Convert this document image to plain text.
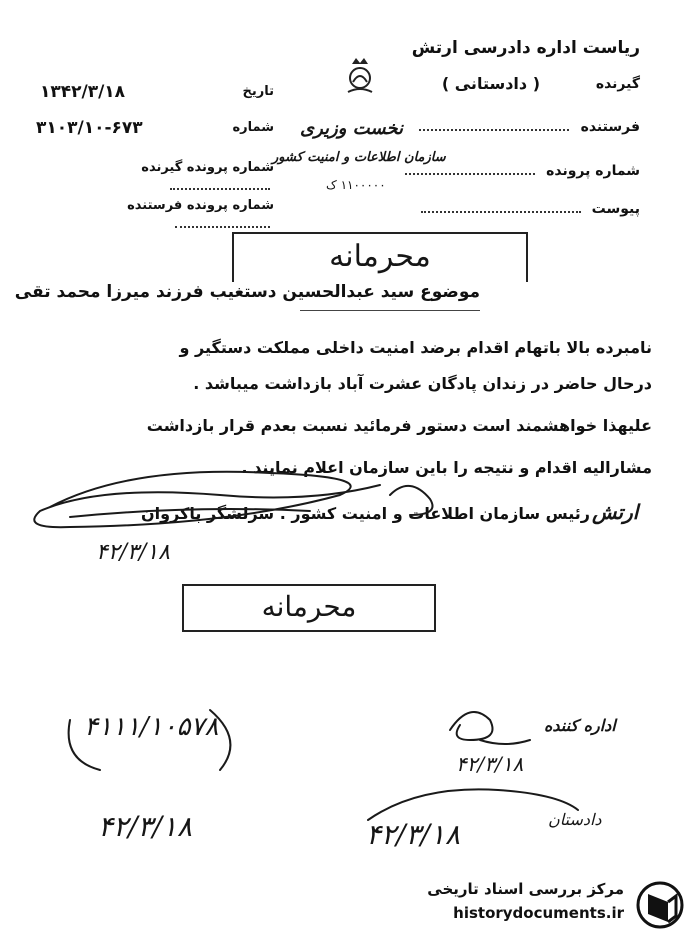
ریاست اداره دادرسی ارتش
گیرنده
( دادستانی )
فرستنده
شماره پرونده
پیوست
تاریخ
۱۳۴۲/۳/۱۸
شماره
۳۱۰۳/۱۰-۶۷۳
شماره پرونده گیرنده
شماره پرونده فرستنده
نخست وزیری
سازمان اطلاعات و امنیت کشور
۱۱۰۰۰۰۰ ک
محرمانه
موضوع سید عبدالحسین دستغیب فرزند میرزا محمد تقی
نامبرده بالا باتهام اقدام برضد امنیت داخلی مملکت دستگیر و
درحال حاضر در زندان پادگان عشرت آباد بازداشت میباشد .
علیهذا خواهشمند است دستور فرمائید نسبت بعدم قرار بازداشت
مشارالیه اقدام و نتیجه را باین سازمان اعلام نمایند .
رئیس سازمان اطلاعات و امنیت کشور . سرلشگر پاکروان ارتش
۴۲/۳/۱۸
محرمانه
۴۱۱۱/۱۰۵۷۸
۴۲/۳/۱۸
اداره کننده
۴۲/۳/۱۸
۴۲/۳/۱۸	دادستان
مرکز بررسی اسناد تاریخی
historydocuments.ir
